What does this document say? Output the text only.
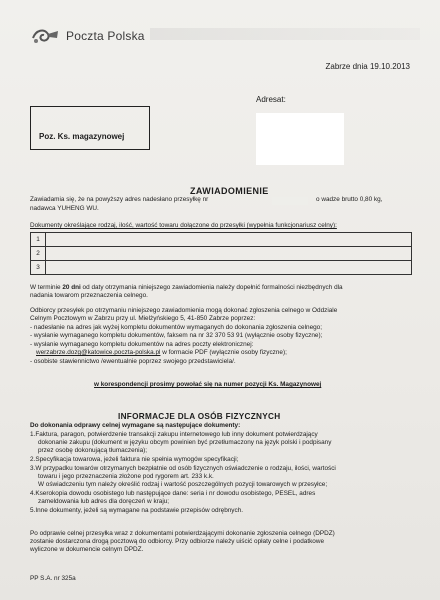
Poczta Polska
Zabrze dnia 19.10.2013
Poz. Ks. magazynowej
Adresat:
ZAWIADOMIENIE
Zawiadamia się, że na powyższy adres nadesłano przesyłkę nr	o wadze brutto 0,80 kg,
nadawca YUHENG WU.
Dokumenty określające rodzaj, ilość, wartość towaru dołączone do przesyłki (wypełnia funkcjonariusz celny):
1
2
3
W terminie 20 dni od daty otrzymania niniejszego zawiadomienia należy dopełnić formalności niezbędnych dla
nadania towarom przeznaczenia celnego.
Odbiorcy przesyłek po otrzymaniu niniejszego zawiadomienia mogą dokonać zgłoszenia celnego w Oddziale
Celnym Pocztowym w Zabrzu przy ul. Mielżyńskiego 5, 41-850 Zabrze poprzez:
- nadesłanie na adres jak wyżej kompletu dokumentów wymaganych do dokonania zgłoszenia celnego;
- wysłanie wymaganego kompletu dokumentów, faksem na nr 32 370 53 91 (wyłącznie osoby fizyczne);
- wysłanie wymaganego kompletu dokumentów na adres poczty elektronicznej:
werzabrze.dozg@katowice.poczta-polska.pl w formacie PDF (wyłącznie osoby fizyczne);
- osobiste stawiennictwo /ewentualnie poprzez swojego przedstawiciela/.
w korespondencji prosimy powołać się na numer pozycji Ks. Magazynowej
INFORMACJE DLA OSÓB FIZYCZNYCH
Do dokonania odprawy celnej wymagane są następujące dokumenty:
1.Faktura, paragon, potwierdzenie transakcji zakupu internetowego lub inny dokument potwierdzający
dokonanie zakupu (dokument w języku obcym powinien być przetłumaczony na język polski i podpisany
przez osobę dokonującą tłumaczenia);
2.Specyfikacja towarowa, jeżeli faktura nie spełnia wymogów specyfikacji;
3.W przypadku towarów otrzymanych bezpłatnie od osób fizycznych oświadczenie o rodzaju, ilości, wartości
towaru i jego przeznaczenia złożone pod rygorem art. 233 k.k.
W oświadczeniu tym należy określić rodzaj i wartość poszczególnych pozycji towarowych w przesyłce;
4.Kserokopia dowodu osobistego lub następujące dane: seria i nr dowodu osobistego, PESEL, adres
zameldowania lub adres dla doręczeń w kraju;
5.Inne dokumenty, jeżeli są wymagane na podstawie przepisów odrębnych.
Po odprawie celnej przesyłka wraz z dokumentami potwierdzającymi dokonanie zgłoszenia celnego (DPDZ)
zostanie dostarczona drogą pocztową do odbiorcy. Przy odbiorze należy uiścić opłaty celne i podatkowe
wyliczone w dokumencie celnym DPDZ.
PP S.A. nr 325a
